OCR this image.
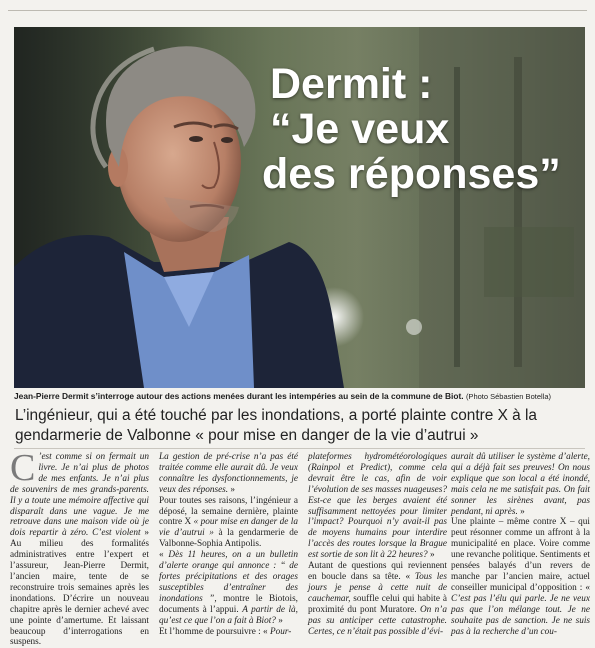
Dermit :
“Je veux
des réponses”
Jean-Pierre Dermit s’interroge autour des actions menées durant les intempéries au sein de la commune de Biot. (Photo Sébastien Botella)
L’ingénieur, qui a été touché par les inondations, a porté plainte contre X à la gendarmerie de Valbonne « pour mise en danger de la vie d’autrui »

C ’est comme si on fermait un livre. Je n’ai plus de photos de mes enfants. Je n’ai plus de souvenirs de mes grands-parents. Il y a toute une mémoire affective qui disparaît dans une vague. Je me retrouve dans une maison vide où je dois repartir à zéro. C’est violent » Au milieu des formalités administratives entre l’expert et l’assureur, Jean-Pierre Dermit, l’ancien maire, tente de se reconstruire trois semaines après les inondations. D’écrire un nouveau chapitre après le dernier achevé avec une pointe d’amertume. Et laissant beaucoup d’interrogations en suspens.

La gestion de pré-crise n’a pas été traitée comme elle aurait dû. Je veux connaître les dysfonctionnements, je veux des réponses. »

Pour toutes ses raisons, l’ingénieur a déposé, la semaine dernière, plainte contre X « pour mise en danger de la vie d’autrui » à la gendarmerie de Valbonne-Sophia Antipolis.

« Dès 11 heures, on a un bulletin d’alerte orange qui annonce : “ de fortes précipitations et des orages susceptibles d’entraîner des inondations ”, montre le Biotois, documents à l’appui. A partir de là, qu’est ce que l’on a fait à Biot? »

Et l’homme de poursuivre : « Pour-

plateformes hydrométéorologiques (Rainpol et Predict), comme cela devrait être le cas, afin de voir l’évolution de ses masses nuageuses? Est-ce que les berges avaient été suffisamment nettoyées pour limiter l’impact? Pourquoi n’y avait-il pas de moyens humains pour interdire l’accès des routes lorsque la Brague est sortie de son lit à 22 heures? »

Autant de questions qui reviennent en boucle dans sa tête. « Tous les jours je pense à cette nuit de cauchemar, souffle celui qui habite à proximité du pont Muratore. On n’a pas su anticiper cette catastrophe. Certes, ce n’était pas possible d’évi-

aurait dû utiliser le système d’alerte, qui a déjà fait ses preuves! On nous explique que son local a été inondé, mais cela ne me satisfait pas. On fait sonner les sirènes avant, pas pendant, ni après. »

Une plainte – même contre X – qui peut résonner comme un affront à la municipalité en place. Voire comme une revanche politique. Sentiments et pensées balayés d’un revers de manche par l’ancien maire, actuel conseiller municipal d’opposition : « C’est pas l’élu qui parle. Je ne veux pas que l’on mélange tout. Je ne souhaite pas de sanction. Je ne suis pas à la recherche d’un cou-
